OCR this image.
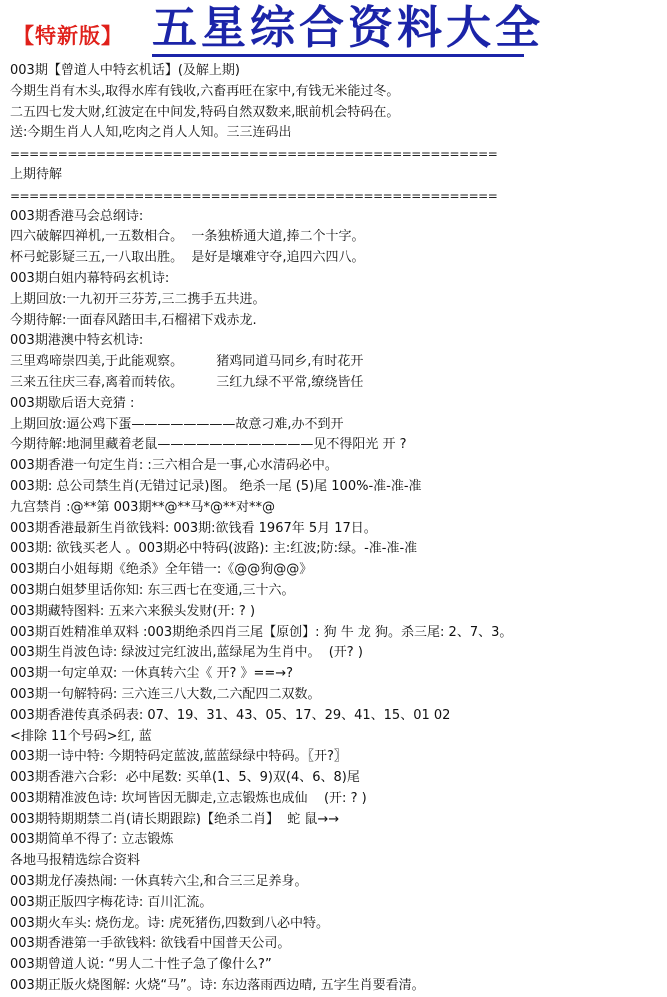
【特新版】 五星综合资料大全
003期【曾道人中特玄机话】(及解上期)
今期生肖有木头,取得水库有钱收,六畜再旺在家中,有钱无米能过冬。
二五四七发大财,红波定在中间发,特码自然双数来,眠前机会特码在。
送:今期生肖人人知,吃肉之肖人人知。三三连码出
===================================================
上期待解
===================================================
003期香港马会总纲诗:
四六破解四禅机,一五数相合。  一条独桥通大道,捧二个十字。
杯弓蛇影疑三五,一八取出胜。  是好是壤难守夺,追四六四八。
003期白姐内幕特码玄机诗:
上期回放:一九初开三芬芳,三二携手五共进。
今期待解:一面春风踏田丰,石榴裙下戏赤龙.
003期港澳中特玄机诗:
三里鸡啼崇四美,于此能观察。        猪鸡同道马同乡,有时花开
三来五往庆三春,离着而转依。        三红九绿不平常,缭绕皆任
003期歇后语大竞猜 :
上期回放:逼公鸡下蛋————————故意刁难,办不到开
今期待解:地洞里藏着老鼠————————————见不得阳光 开 ?
003期香港一句定生肖: :三六相合是一事,心水清码必中。
003期: 总公司禁生肖(无错过记录)图。 绝杀一尾 (5)尾 100%-准-准-准
九宫禁肖 :@**第 003期**@**马*@**对**@
003期香港最新生肖欲钱料: 003期:欲钱看 1967年 5月 17日。
003期: 欲钱买老人 。003期必中特码(波路): 主:红波;防:绿。-准-准-准
003期白小姐每期《绝杀》全年错一:《@@狗@@》
003期白姐梦里话你知: 东三西七在变通,三十六。
003期藏特图料: 五来六来猴头发财(开: ? )
003期百姓精准单双料 :003期绝杀四肖三尾【原创】: 狗 牛 龙 狗。杀三尾: 2、7、3。
003期生肖波色诗: 绿波过完红波出,蓝绿尾为生肖中。  (开? )
003期一句定单双: 一休真转六尘《 开? 》==→?
003期一句解特码: 三六连三八大数,二六配四二双数。
003期香港传真杀码表: 07、19、31、43、05、17、29、41、15、01 02
<排除 11个号码>红, 蓝
003期一诗中特: 今期特码定蓝波,蓝蓝绿绿中特码。〖开?〗
003期香港六合彩:  必中尾数: 买单(1、5、9)双(4、6、8)尾
003期精准波色诗: 坎坷皆因无脚走,立志锻炼也成仙    (开: ? )
003期特期期禁二肖(请长期跟踪)【绝杀二肖】  蛇 鼠→→
003期简单不得了: 立志锻炼
各地马报精选综合资料
003期龙仔凑热闹: 一休真转六尘,和合三三足养身。
003期正版四字梅花诗: 百川汇流。
003期火车头: 烧伤龙。诗: 虎死猪伤,四数到八必中特。
003期香港第一手欲钱料: 欲钱看中国普天公司。
003期曾道人说: “男人二十性子急了像什么?”
003期正版火烧图解: 火烧“马”。诗: 东边落雨西边晴, 五字生肖要看清。
